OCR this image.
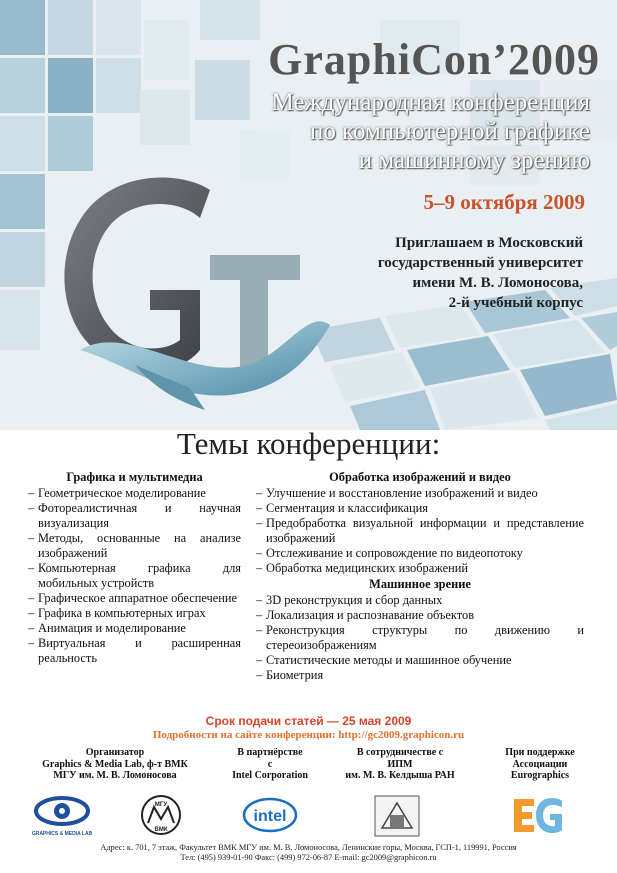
GraphiCon’2009
Международная конференция
по компьютерной графике
и машинному зрению
5–9 октября 2009
Приглашаем в Московский
государственный университет
имени М. В. Ломоносова,
2-й учебный корпус
Темы конференции:
Графика и мультимедиа
– Геометрическое моделирование
– Фотореалистичная и научная визуализация
– Методы, основанные на анализе изображений
– Компьютерная графика для мобильных устройств
– Графическое аппаратное обеспечение
– Графика в компьютерных играх
– Анимация и моделирование
– Виртуальная и расширенная реальность
Обработка изображений и видео
– Улучшение и восстановление изображений и видео
– Сегментация и классификация
– Предобработка визуальной информации и представление изображений
– Отслеживание и сопровождение по видеопотоку
– Обработка медицинских изображений
Машинное зрение
– 3D реконструкция и сбор данных
– Локализация и распознавание объектов
– Реконструкция структуры по движению и стереоизображениям
– Статистические методы и машинное обучение
– Биометрия
Срок подачи статей — 25 мая 2009
Подробности на сайте конференции: http://gc2009.graphicon.ru
Организатор
Graphics & Media Lab, ф-т ВМК
МГУ им. М. В. Ломоносова
В партнёрстве
с
Intel Corporation
В сотрудничестве с
ИПМ
им. М. В. Келдыша РАН
При поддержке
Ассоциации
Eurographics
GRAPHICS & MEDIA LAB
МГУ
ВМК
intel
EG
Адрес: к. 701, 7 этаж, Факультет ВМК МГУ им. М. В. Ломоносова, Ленинские горы, Москва, ГСП-1, 119991, Россия
Тел: (495) 939-01-90 Факс: (499) 972-06-87 E-mail: gc2009@graphicon.ru
